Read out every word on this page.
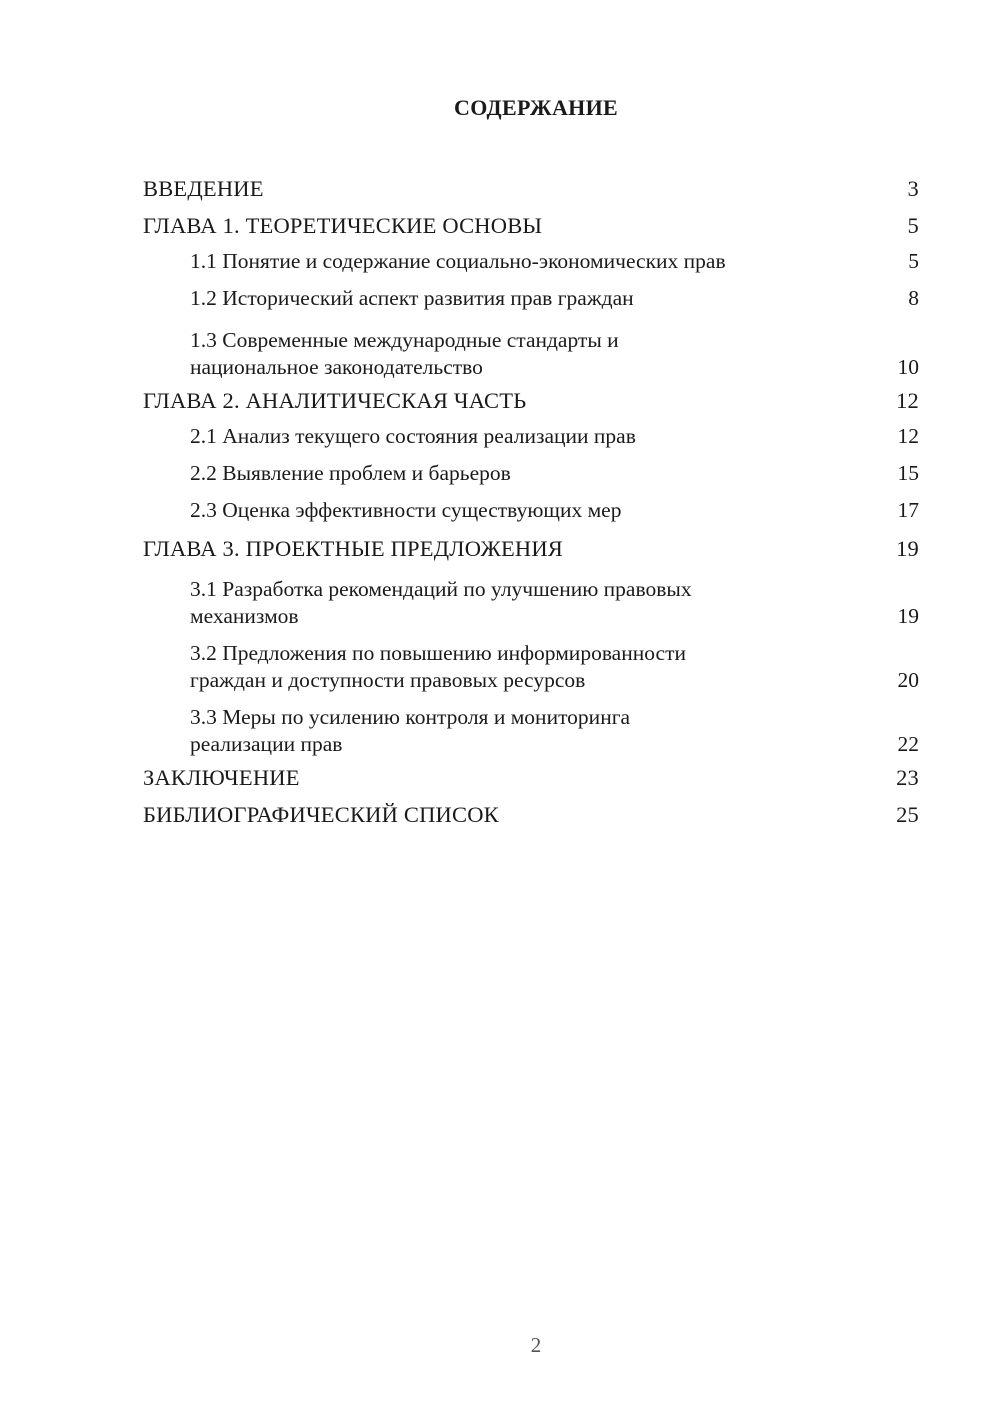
СОДЕРЖАНИЕ
ВВЕДЕНИЕ	3
ГЛАВА 1. ТЕОРЕТИЧЕСКИЕ ОСНОВЫ	5
1.1 Понятие и содержание социально-экономических прав	5
1.2 Исторический аспект развития прав граждан	8
1.3 Современные международные стандарты и
национальное законодательство	10
ГЛАВА 2. АНАЛИТИЧЕСКАЯ ЧАСТЬ	12
2.1 Анализ текущего состояния реализации прав	12
2.2 Выявление проблем и барьеров	15
2.3 Оценка эффективности существующих мер	17
ГЛАВА 3. ПРОЕКТНЫЕ ПРЕДЛОЖЕНИЯ	19
3.1 Разработка рекомендаций по улучшению правовых
механизмов	19
3.2 Предложения по повышению информированности
граждан и доступности правовых ресурсов	20
3.3 Меры по усилению контроля и мониторинга
реализации прав	22
ЗАКЛЮЧЕНИЕ	23
БИБЛИОГРАФИЧЕСКИЙ СПИСОК	25
2
